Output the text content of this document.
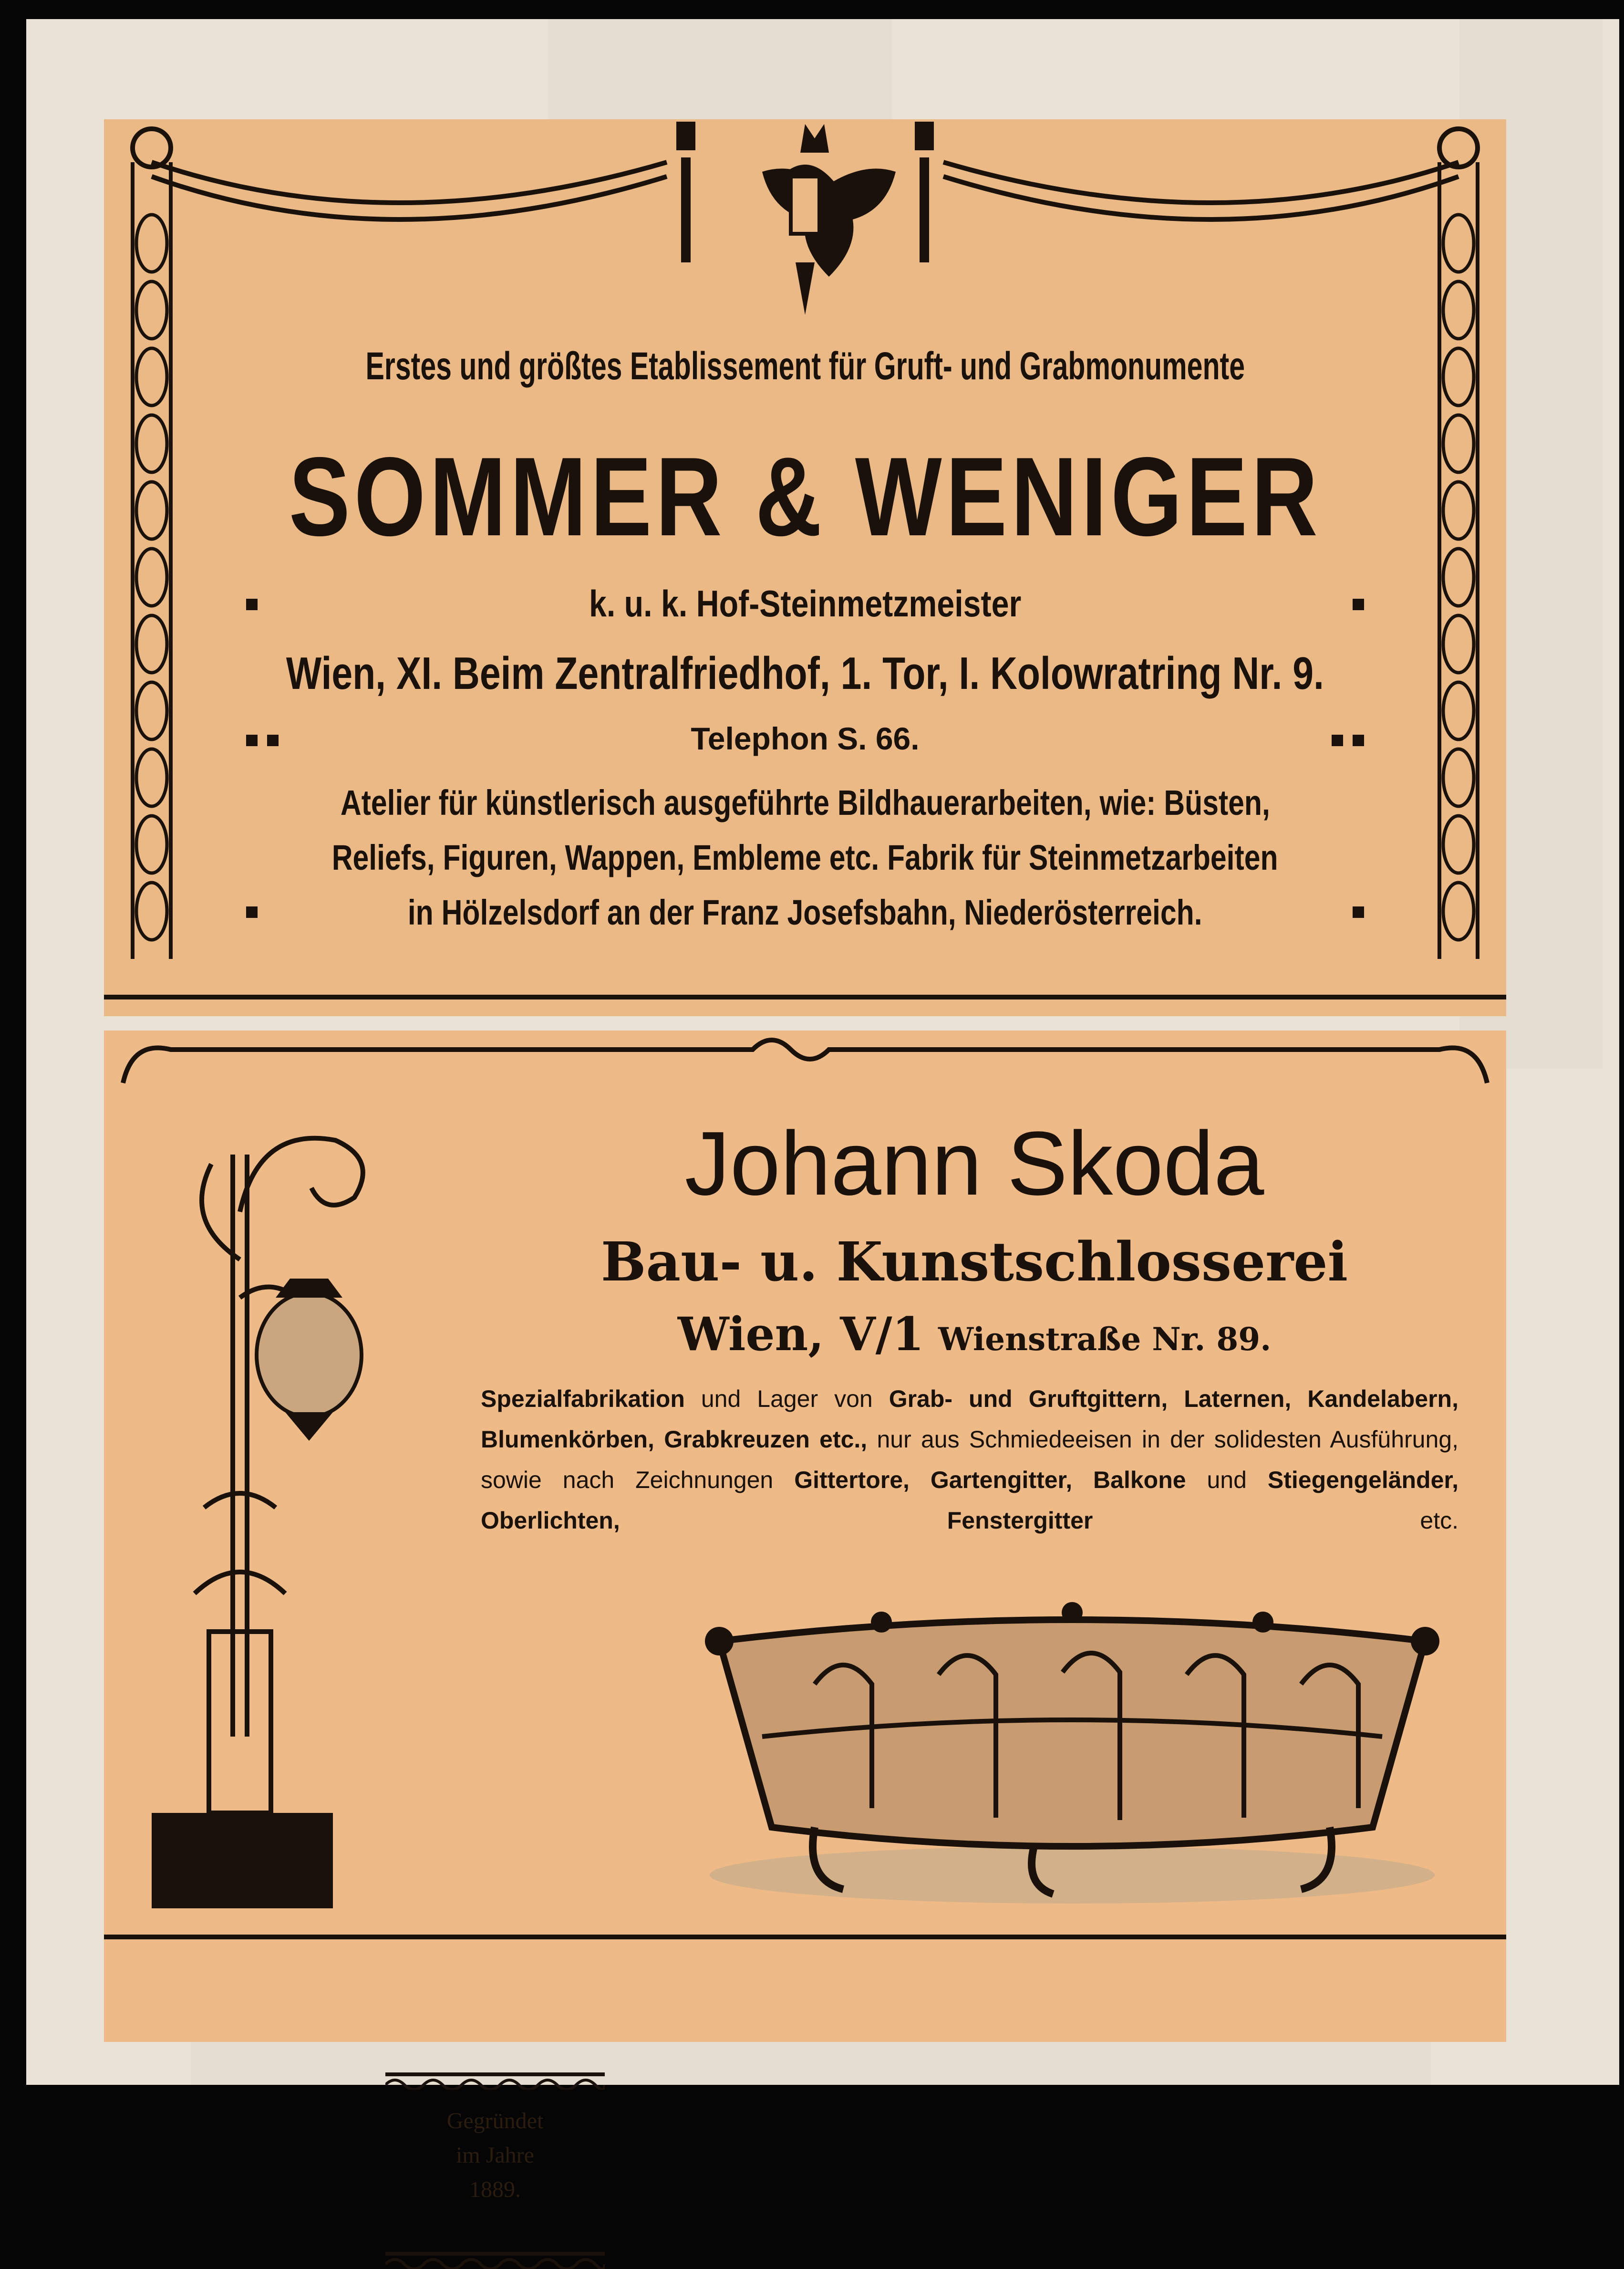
Erstes und größtes Etablissement für Gruft- und Grabmonumente
SOMMER & WENIGER
k. u. k. Hof-Steinmetzmeister
Wien, XI. Beim Zentralfriedhof, 1. Tor, I. Kolowratring Nr. 9.
Telephon S. 66.
Atelier für künstlerisch ausgeführte Bildhauerarbeiten, wie: Büsten,
Reliefs, Figuren, Wappen, Embleme etc. Fabrik für Steinmetzarbeiten
in Hölzelsdorf an der Franz Josefsbahn, Niederösterreich.
Johann Skoda
Bau- u. Kunstschlosserei
Wien, V/1 Wienstraße Nr. 89.
Spezialfabrikation und Lager von Grab- und Gruftgittern, Laternen, Kandelabern, Blumenkörben, Grabkreuzen etc., nur aus Schmiedeeisen in der solidesten Ausführung, sowie nach Zeichnungen Gittertore, Gartengitter, Balkone und Stiegengeländer, Oberlichten, Fenstergitter etc.
Gegründet
im Jahre
1889.
